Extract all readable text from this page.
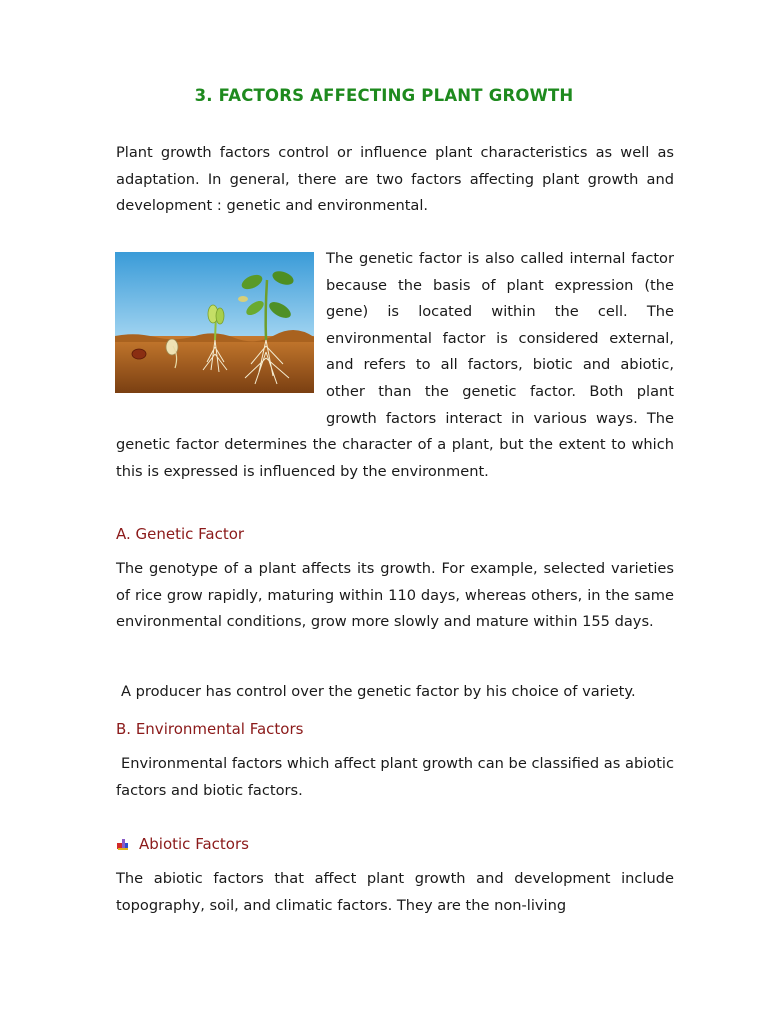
3. FACTORS AFFECTING PLANT GROWTH

Plant growth factors control or influence plant characteristics as well as adaptation. In general, there are two factors affecting plant growth and development : genetic and environmental.

The genetic factor is also called internal factor because the basis of plant expression (the gene) is located within the cell. The environmental factor is considered external, and refers to all factors, biotic and abiotic, other than the genetic factor. Both plant growth factors interact in various ways. The genetic factor determines the character of a plant, but the extent to which this is expressed is influenced by the environment.

A. Genetic Factor

The genotype of a plant affects its growth. For example, selected varieties of rice grow rapidly, maturing within 110 days, whereas others, in the same environmental conditions, grow more slowly and mature within 155 days.

A producer has control over the genetic factor by his choice of variety.

B. Environmental Factors

Environmental factors which affect plant growth can be classified as abiotic factors and biotic factors.

Abiotic Factors

The abiotic factors that affect plant growth and development include topography, soil, and climatic factors. They are the non-living
